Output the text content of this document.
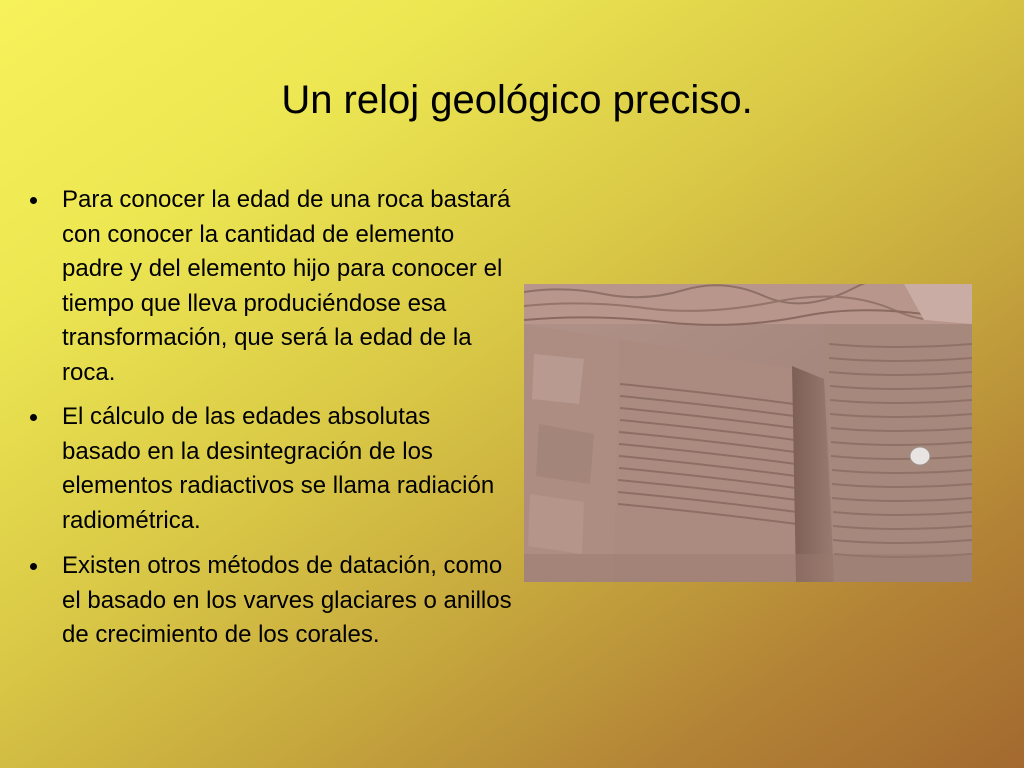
Un reloj geológico preciso.
Para conocer la edad de una roca bastará con conocer la cantidad de elemento padre y del elemento hijo para conocer el tiempo que lleva produciéndose esa transformación, que será la edad de la roca.
El cálculo de las edades absolutas basado en la desintegración de los elementos radiactivos se llama radiación radiométrica.
Existen otros métodos de datación, como el basado en los varves glaciares o anillos de crecimiento de los corales.
